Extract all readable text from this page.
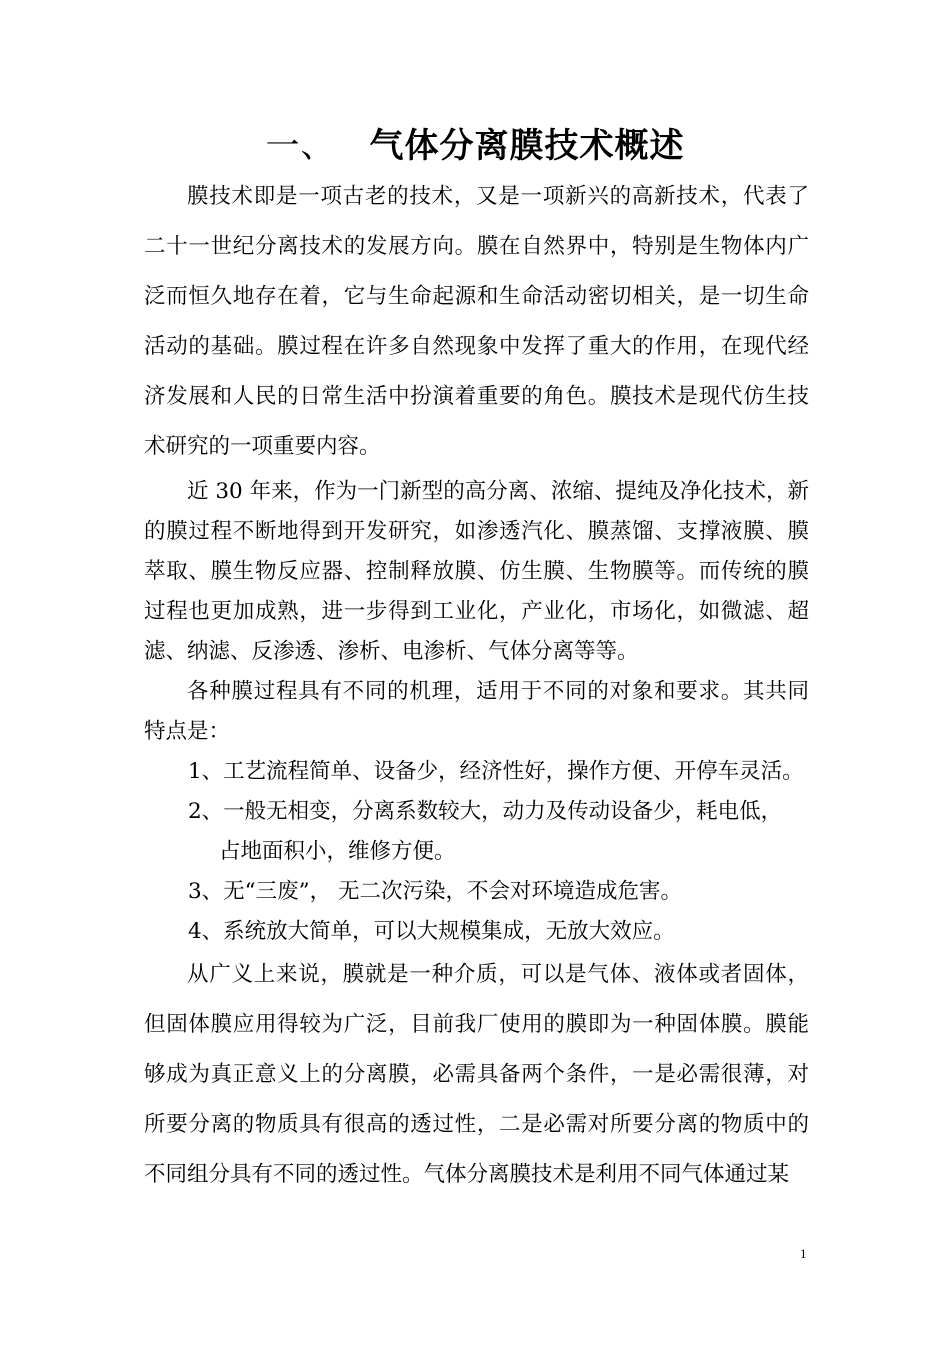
一、 气体分离膜技术概述

膜技术即是一项古老的技术，又是一项新兴的高新技术，代表了二十一世纪分离技术的发展方向。膜在自然界中，特别是生物体内广泛而恒久地存在着，它与生命起源和生命活动密切相关，是一切生命活动的基础。膜过程在许多自然现象中发挥了重大的作用，在现代经济发展和人民的日常生活中扮演着重要的角色。膜技术是现代仿生技术研究的一项重要内容。

近 30 年来，作为一门新型的高分离、浓缩、提纯及净化技术，新的膜过程不断地得到开发研究，如渗透汽化、膜蒸馏、支撑液膜、膜萃取、膜生物反应器、控制释放膜、仿生膜、生物膜等。而传统的膜过程也更加成熟，进一步得到工业化，产业化，市场化，如微滤、超滤、纳滤、反渗透、渗析、电渗析、气体分离等等。

各种膜过程具有不同的机理，适用于不同的对象和要求。其共同特点是：

1、工艺流程简单、设备少，经济性好，操作方便、开停车灵活。
2、一般无相变，分离系数较大，动力及传动设备少，耗电低，
占地面积小，维修方便。
3、无“三废”， 无二次污染，不会对环境造成危害。
4、系统放大简单，可以大规模集成，无放大效应。

从广义上来说，膜就是一种介质，可以是气体、液体或者固体，但固体膜应用得较为广泛，目前我厂使用的膜即为一种固体膜。膜能够成为真正意义上的分离膜，必需具备两个条件，一是必需很薄，对所要分离的物质具有很高的透过性，二是必需对所要分离的物质中的不同组分具有不同的透过性。气体分离膜技术是利用不同气体通过某

1
